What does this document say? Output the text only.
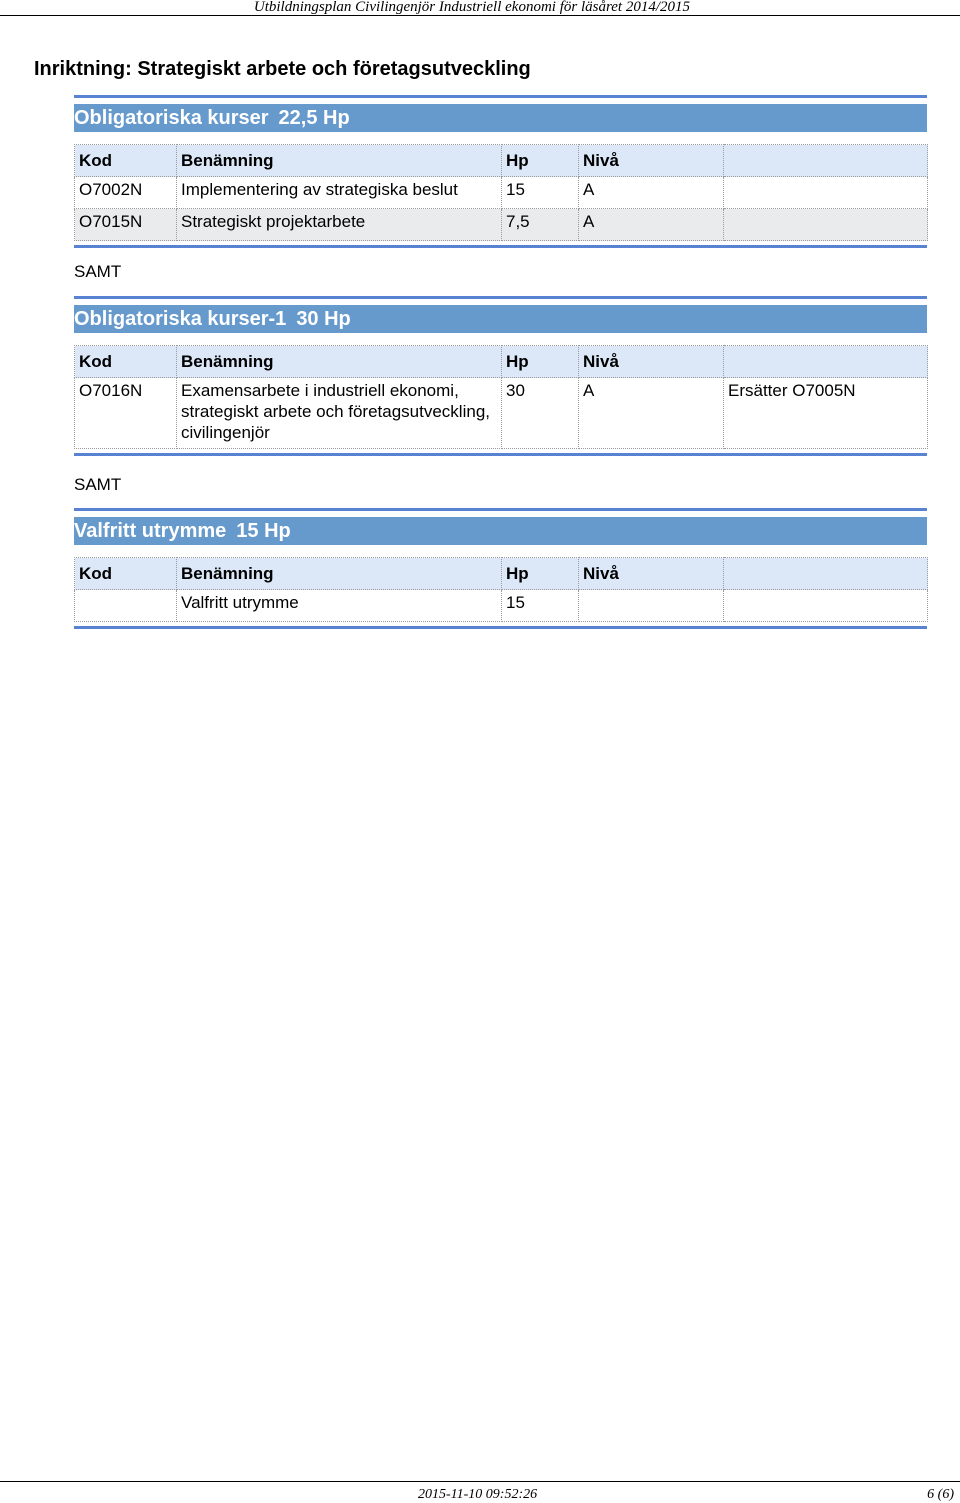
Utbildningsplan Civilingenjör Industriell ekonomi för läsåret 2014/2015
Inriktning: Strategiskt arbete och företagsutveckling
Obligatoriska kurser 22,5 Hp
Kod	Benämning	Hp	Nivå	
O7002N	Implementering av strategiska beslut	15	A	
O7015N	Strategiskt projektarbete	7,5	A	
SAMT
Obligatoriska kurser-1 30 Hp
Kod	Benämning	Hp	Nivå	
O7016N	Examensarbete i industriell ekonomi, strategiskt arbete och företagsutveckling, civilingenjör	30	A	Ersätter O7005N
SAMT
Valfritt utrymme 15 Hp
Kod	Benämning	Hp	Nivå	
	Valfritt utrymme	15		
2015-11-10 09:52:26	6 (6)
